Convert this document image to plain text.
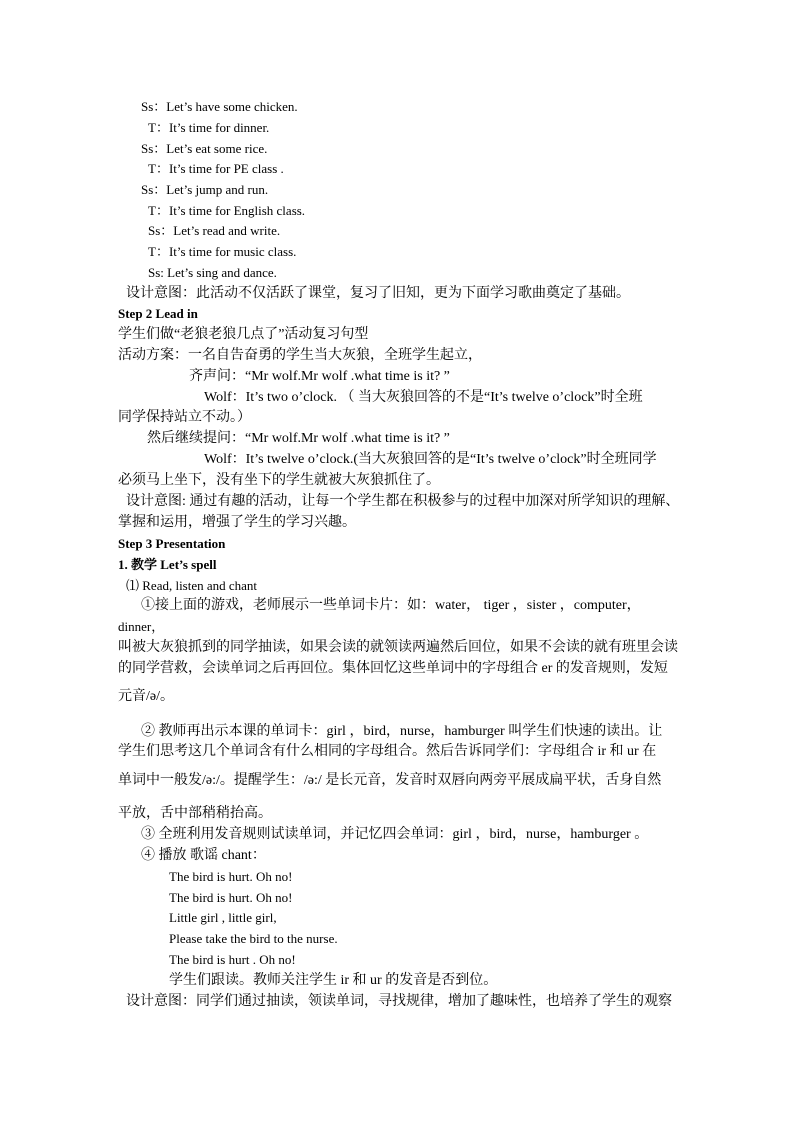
Ss：Let’s have some chicken.
T：It’s time for dinner.
Ss：Let’s eat some rice.
T：It’s time for PE class .
Ss：Let’s jump and run.
T：It’s time for English class.
Ss：Let’s read and write.
T：It’s time for music class.
Ss: Let’s sing and dance.
设计意图：此活动不仅活跃了课堂，复习了旧知，更为下面学习歌曲奠定了基础。
Step 2 Lead in
学生们做“老狼老狼几点了”活动复习句型
活动方案：一名自告奋勇的学生当大灰狼，全班学生起立，
齐声问：“Mr wolf.Mr wolf .what time is it? ”
Wolf：It’s two o’clock. （ 当大灰狼回答的不是“It’s twelve o’clock”时全班
同学保持站立不动。）
然后继续提问：“Mr wolf.Mr wolf .what time is it? ”
Wolf：It’s twelve o’clock.(当大灰狼回答的是“It’s twelve o’clock”时全班同学
必须马上坐下，没有坐下的学生就被大灰狼抓住了。
设计意图: 通过有趣的活动，让每一个学生都在积极参与的过程中加深对所学知识的理解、
掌握和运用，增强了学生的学习兴趣。
Step 3 Presentation
1. 教学 Let’s spell
⑴ Read, listen and chant
①接上面的游戏，老师展示一些单词卡片：如：water， tiger ，sister ，computer，
dinner，
叫被大灰狼抓到的同学抽读，如果会读的就领读两遍然后回位，如果不会读的就有班里会读
的同学营救，会读单词之后再回位。集体回忆这些单词中的字母组合 er 的发音规则，发短
元音/ə/。
② 教师再出示本课的单词卡：girl ，bird，nurse，hamburger 叫学生们快速的读出。让
学生们思考这几个单词含有什么相同的字母组合。然后告诉同学们：字母组合 ir 和 ur 在
单词中一般发/ə:/。提醒学生：/ə:/ 是长元音，发音时双唇向两旁平展成扁平状，舌身自然
平放，舌中部稍稍抬高。
③ 全班利用发音规则试读单词，并记忆四会单词：girl ，bird，nurse，hamburger 。
④ 播放 歌谣 chant：
The bird is hurt. Oh no!
The bird is hurt. Oh no!
Little girl , little girl,
Please take the bird to the nurse.
The bird is hurt . Oh no!
学生们跟读。教师关注学生 ir 和 ur 的发音是否到位。
设计意图：同学们通过抽读，领读单词，寻找规律，增加了趣味性，也培养了学生的观察
